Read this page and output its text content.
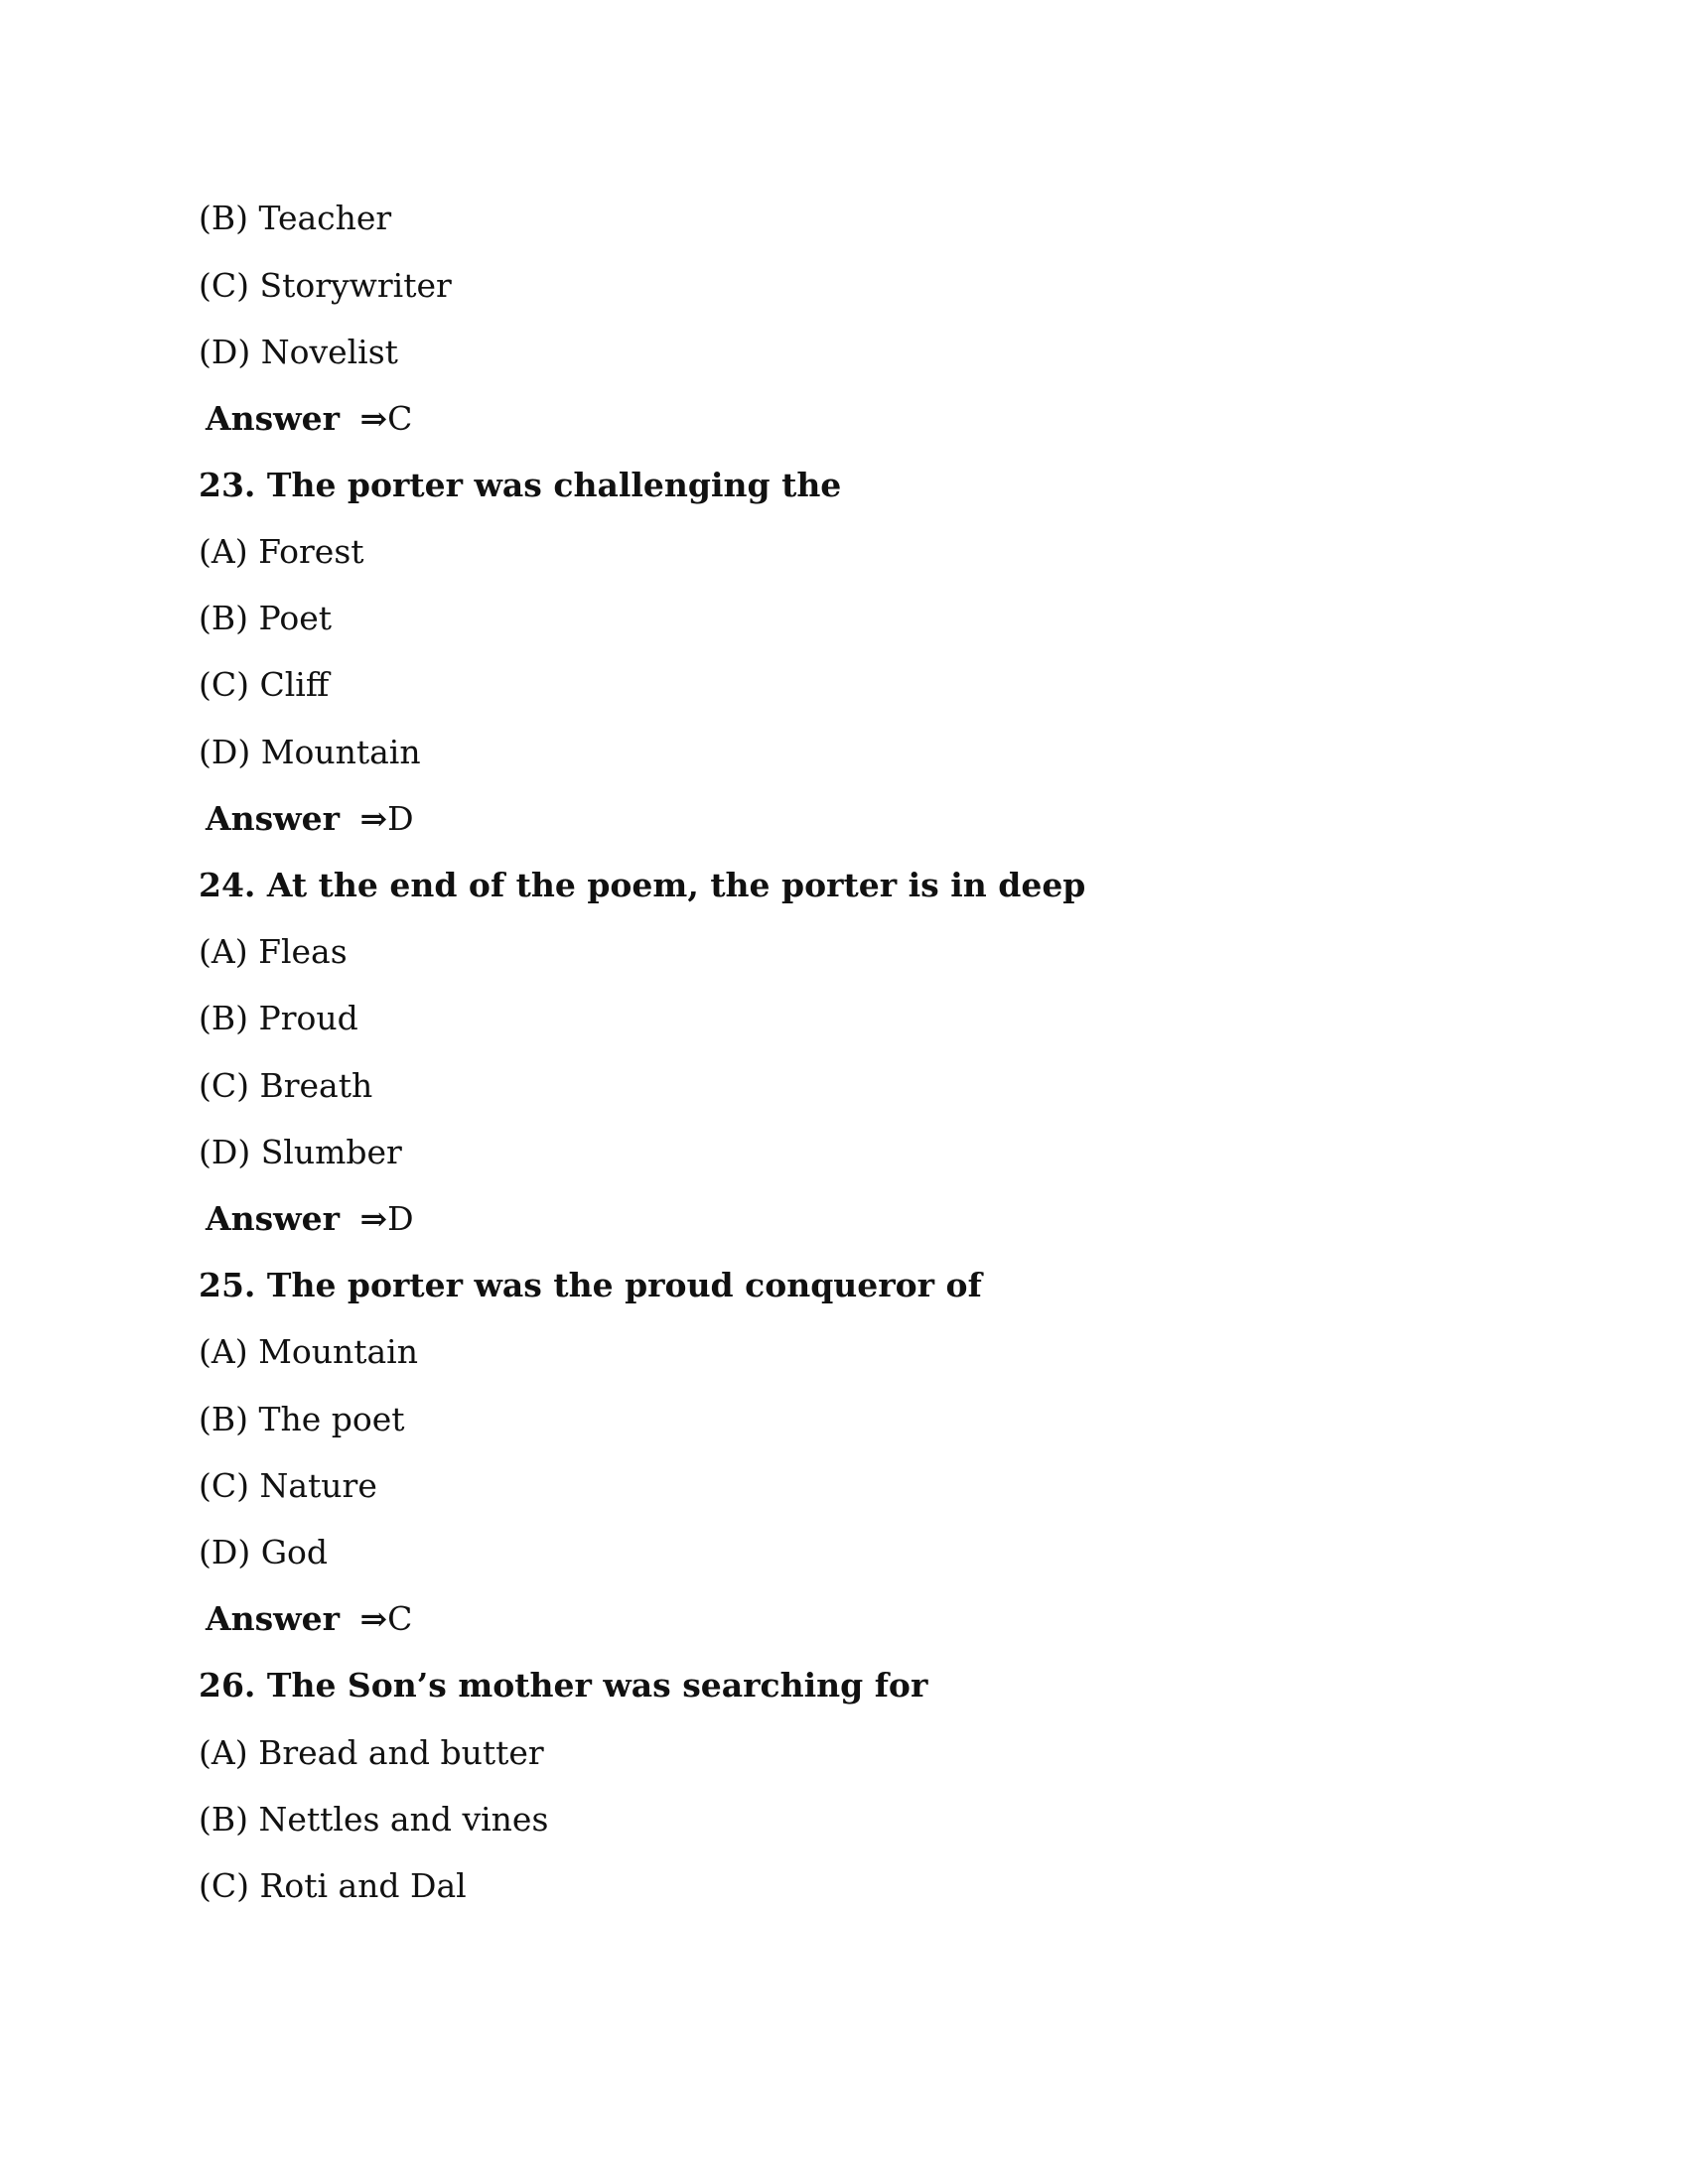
(B) Teacher
(C) Storywriter
(D) Novelist
Answer ⇒C
23. The porter was challenging the
(A) Forest
(B) Poet
(C) Cliff
(D) Mountain
Answer ⇒D
24. At the end of the poem, the porter is in deep
(A) Fleas
(B) Proud
(C) Breath
(D) Slumber
Answer ⇒D
25. The porter was the proud conqueror of
(A) Mountain
(B) The poet
(C) Nature
(D) God
Answer ⇒C
26. The Son’s mother was searching for
(A) Bread and butter
(B) Nettles and vines
(C) Roti and Dal
